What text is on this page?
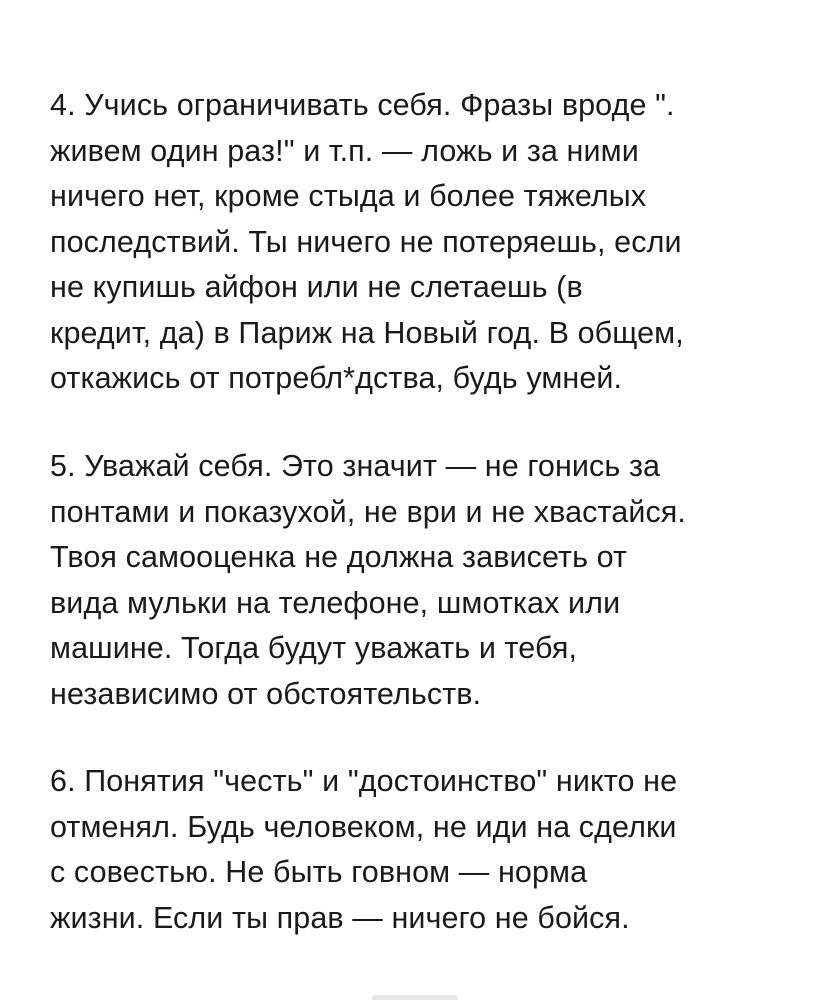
4. Учись ограничивать себя. Фразы вроде ".
живем один раз!" и т.п. — ложь и за ними
ничего нет, кроме стыда и более тяжелых
последствий. Ты ничего не потеряешь, если
не купишь айфон или не слетаешь (в
кредит, да) в Париж на Новый год. В общем,
откажись от потребл*дства, будь умней.
5. Уважай себя. Это значит — не гонись за
понтами и показухой, не ври и не хвастайся.
Твоя самооценка не должна зависеть от
вида мульки на телефоне, шмотках или
машине. Тогда будут уважать и тебя,
независимо от обстоятельств.
6. Понятия "честь" и "достоинство" никто не
отменял. Будь человеком, не иди на сделки
с совестью. Не быть говном — норма
жизни. Если ты прав — ничего не бойся.
